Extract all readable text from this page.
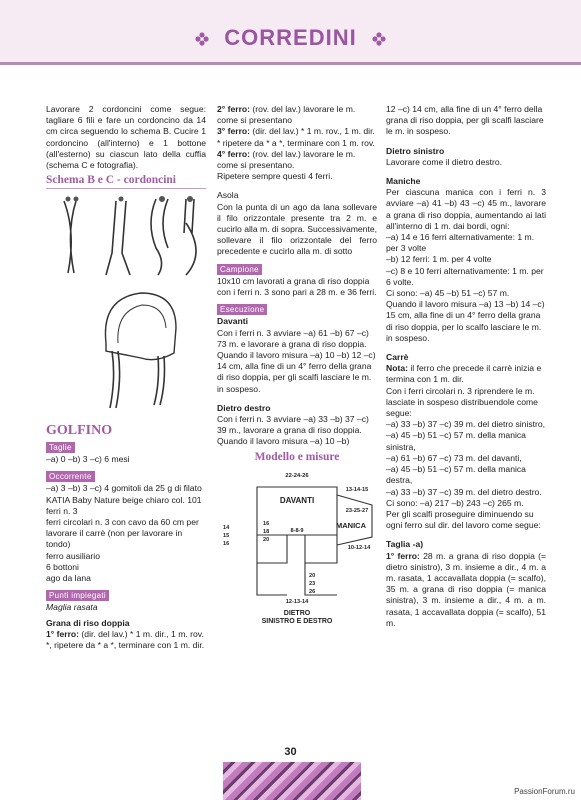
CORREDINI

Lavorare 2 cordoncini come segue: tagliare 6 fili e fare un cordoncino da 14 cm circa seguendo lo schema B. Cucire 1 cordoncino (all'interno) e 1 bottone (all'esterno) su ciascun lato della cuffia (schema C e fotografia).

Schema B e C - cordoncini

GOLFINO

Taglie

–a) 0 –b) 3 –c) 6 mesi

Occorrente

–a) 3 –b) 3 –c) 4 gomitoli da 25 g di filato KATIA Baby Nature beige chiaro col. 101

ferri n. 3

ferri circolari n. 3 con cavo da 60 cm per lavorare il carrè (non per lavorare in tondo)

ferro ausiliario

6 bottoni

ago da lana

Punti impiegati

Maglia rasata

Grana di riso doppia

1° ferro: (dir. del lav.) * 1 m. dir., 1 m. rov. *, ripetere da * a *, terminare con 1 m. dir.

2° ferro: (rov. del lav.) lavorare le m. come si presentano

3° ferro: (dir. del lav.) * 1 m. rov., 1 m. dir. * ripetere da * a *, terminare con 1 m. rov.

4° ferro: (rov. del lav.) lavorare le m. come si presentano.

Ripetere sempre questi 4 ferri.

Asola

Con la punta di un ago da lana sollevare il filo orizzontale presente tra 2 m. e cucirlo alla m. di sopra. Successivamente, sollevare il filo orizzontale del ferro precedente e cucirlo alla m. di sotto

Campione

10x10 cm lavorati a grana di riso doppia con i ferri n. 3 sono pari a 28 m. e 36 ferri.

Esecuzione

Davanti

Con i ferri n. 3 avviare –a) 61 –b) 67 –c) 73 m. e lavorare a grana di riso doppia.

Quando il lavoro misura –a) 10 –b) 12 –c) 14 cm, alla fine di un 4° ferro della grana di riso doppia, per gli scalfi lasciare le m. in sospeso.

Dietro destro

Con i ferri n. 3 avviare –a) 33 –b) 37 –c) 39 m., lavorare a grana di riso doppia.

Quando il lavoro misura –a) 10 –b)

Modello e misure

22-24-26
DAVANTI
MANICA
DIETRO
SINISTRO E DESTRO
8-8-9
13-14-15
23-25-27
10-12-14
12-13-14
14
15
16
16
18
20
20
23
26

12 –c) 14 cm, alla fine di un 4° ferro della grana di riso doppia, per gli scalfi lasciare le m. in sospeso.

Dietro sinistro

Lavorare come il dietro destro.

Maniche

Per ciascuna manica con i ferri n. 3 avviare –a) 41 –b) 43 –c) 45 m., lavorare a grana di riso doppia, aumentando ai lati all'interno di 1 m. dai bordi, ogni:

–a) 14 e 16 ferri alternativamente: 1 m. per 3 volte

–b) 12 ferri: 1 m. per 4 volte

–c) 8 e 10 ferri alternativamente: 1 m. per 6 volte.

Ci sono: –a) 45 –b) 51 –c) 57 m.

Quando il lavoro misura –a) 13 –b) 14 –c) 15 cm, alla fine di un 4° ferro della grana di riso doppia, per lo scalfo lasciare le m. in sospeso.

Carrè

Nota: il ferro che precede il carrè inizia e termina con 1 m. dir.

Con i ferri circolari n. 3 riprendere le m. lasciate in sospeso distribuendole come segue:

–a) 33 –b) 37 –c) 39 m. del dietro sinistro,

–a) 45 –b) 51 –c) 57 m. della manica sinistra,

–a) 61 –b) 67 –c) 73 m. del davanti,

–a) 45 –b) 51 –c) 57 m. della manica destra,

–a) 33 –b) 37 –c) 39 m. del dietro destro.

Ci sono: –a) 217 –b) 243 –c) 265 m.

Per gli scalfi proseguire diminuendo su ogni ferro sul dir. del lavoro come segue:

Taglia -a)

1° ferro: 28 m. a grana di riso doppia (= dietro sinistro), 3 m. insieme a dir., 4 m. a m. rasata, 1 accavallata doppia (= scalfo), 35 m. a grana di riso doppia (= manica sinistra), 3 m. insieme a dir., 4 m. a m. rasata, 1 accavallata doppia (= scalfo), 51 m.

30
PassionForum.ru
